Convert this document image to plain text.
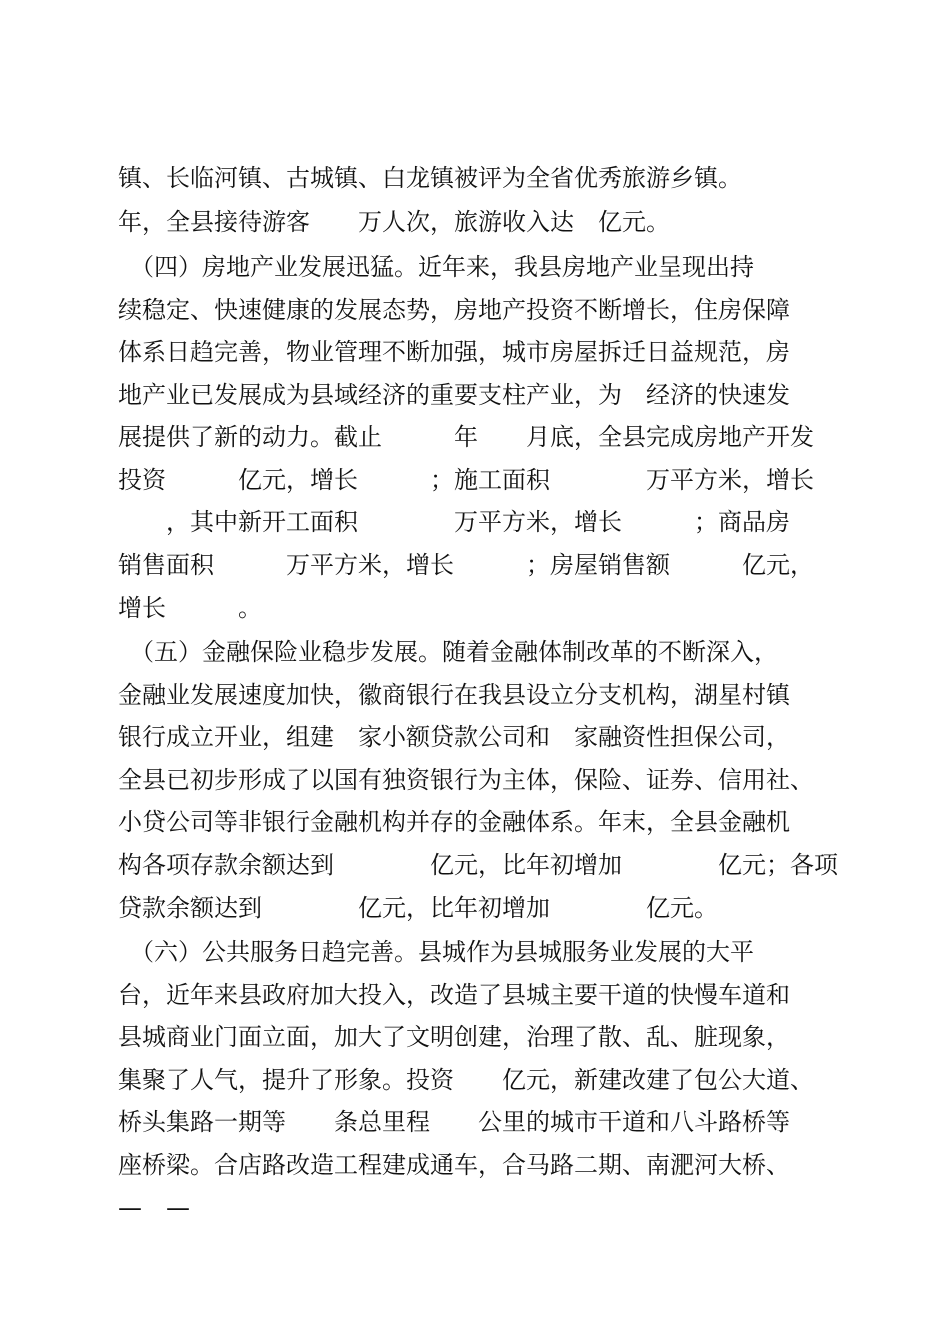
镇、长临河镇、古城镇、白龙镇被评为全省优秀旅游乡镇。
年，全县接待游客　　万人次，旅游收入达　亿元。
　（四）房地产业发展迅猛。近年来，我县房地产业呈现出持
续稳定、快速健康的发展态势，房地产投资不断增长，住房保障
体系日趋完善，物业管理不断加强，城市房屋拆迁日益规范，房
地产业已发展成为县域经济的重要支柱产业，为　经济的快速发
展提供了新的动力。截止　　　年　　月底，全县完成房地产开发
投资　　　亿元，增长　　　；施工面积　　　　万平方米，增长
　　，其中新开工面积　　　　万平方米，增长　　　；商品房
销售面积　　　万平方米，增长　　　；房屋销售额　　　亿元，
增长　　　。
　（五）金融保险业稳步发展。随着金融体制改革的不断深入，
金融业发展速度加快，徽商银行在我县设立分支机构，湖星村镇
银行成立开业，组建　家小额贷款公司和　家融资性担保公司，
全县已初步形成了以国有独资银行为主体，保险、证券、信用社、
小贷公司等非银行金融机构并存的金融体系。年末，全县金融机
构各项存款余额达到　　　　亿元，比年初增加　　　　亿元；各项
贷款余额达到　　　　亿元，比年初增加　　　　亿元。
　（六）公共服务日趋完善。县城作为县城服务业发展的大平
台，近年来县政府加大投入，改造了县城主要干道的快慢车道和
县城商业门面立面，加大了文明创建，治理了散、乱、脏现象，
集聚了人气，提升了形象。投资　　亿元，新建改建了包公大道、
桥头集路一期等　　条总里程　　公里的城市干道和八斗路桥等
座桥梁。合店路改造工程建成通车，合马路二期、南淝河大桥、
—　—
